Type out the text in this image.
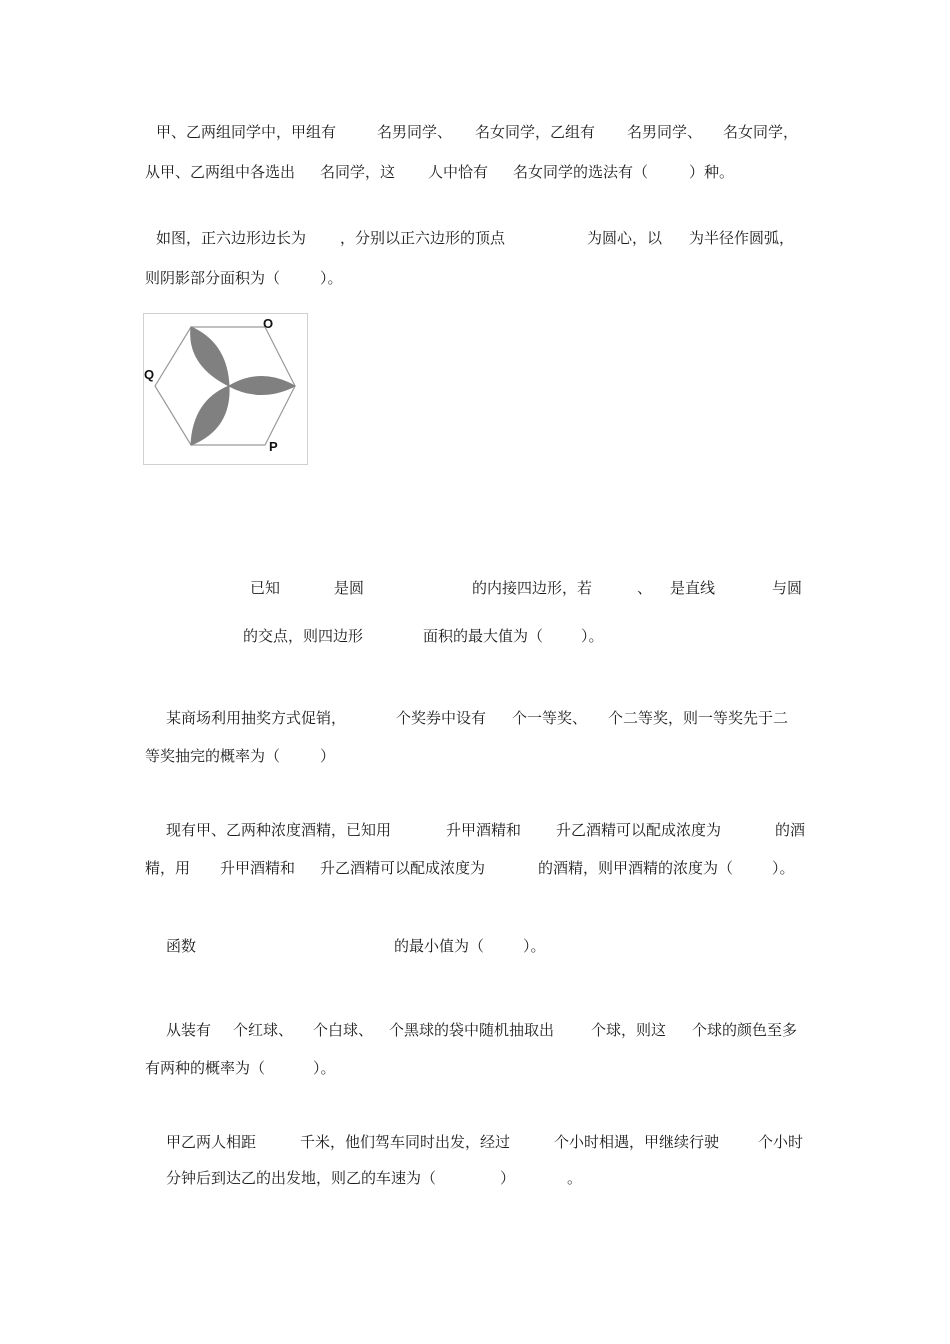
甲、乙两组同学中，甲组有	名男同学、 名女同学，乙组有 名男同学、 名女同学，
从甲、乙两组中各选出 名同学，这 人中恰有 名女同学的选法有（	）种。
如图，正六边形边长为 ，分别以正六边形的顶点	为圆心，以 为半径作圆弧，
则阴影部分面积为（	）。
O
Q
P
已知	是圆	的内接四边形，若	、 是直线	与圆
的交点，则四边形	面积的最大值为（	）。
某商场利用抽奖方式促销，	个奖券中设有 个一等奖、 个二等奖，则一等奖先于二
等奖抽完的概率为（	）
现有甲、乙两种浓度酒精，已知用	升甲酒精和 升乙酒精可以配成浓度为	的酒
精，用 升甲酒精和 升乙酒精可以配成浓度为	的酒精，则甲酒精的浓度为（	）。
函数	的最小值为（	）。
从装有 个红球、 个白球、 个黑球的袋中随机抽取出 个球，则这 个球的颜色至多
有两种的概率为（	）。
甲乙两人相距	千米，他们驾车同时出发，经过	个小时相遇，甲继续行驶	个小时
分钟后到达乙的出发地，则乙的车速为（	）	。
